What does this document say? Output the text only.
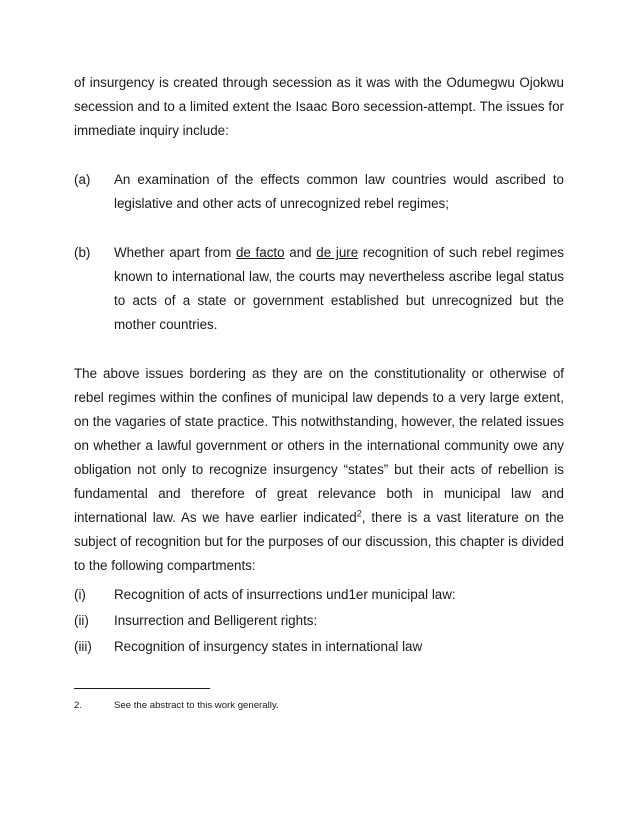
of insurgency is created through secession as it was with the Odumegwu Ojokwu secession and to a limited extent the Isaac Boro secession-attempt. The issues for immediate inquiry include:

(a)	An examination of the effects common law countries would ascribed to legislative and other acts of unrecognized rebel regimes;
(b)	Whether apart from de facto and de jure recognition of such rebel regimes known to international law, the courts may nevertheless ascribe legal status to acts of a state or government established but unrecognized but the mother countries.

The above issues bordering as they are on the constitutionality or otherwise of rebel regimes within the confines of municipal law depends to a very large extent, on the vagaries of state practice. This notwithstanding, however, the related issues on whether a lawful government or others in the international community owe any obligation not only to recognize insurgency “states” but their acts of rebellion is fundamental and therefore of great relevance both in municipal law and international law. As we have earlier indicated$^2$, there is a vast literature on the subject of recognition but for the purposes of our discussion, this chapter is divided to the following compartments:

(i)	Recognition of acts of insurrections und1er municipal law:
(ii)	Insurrection and Belligerent rights:
(iii)	Recognition of insurgency states in international law
2.	See the abstract to this work generally.
